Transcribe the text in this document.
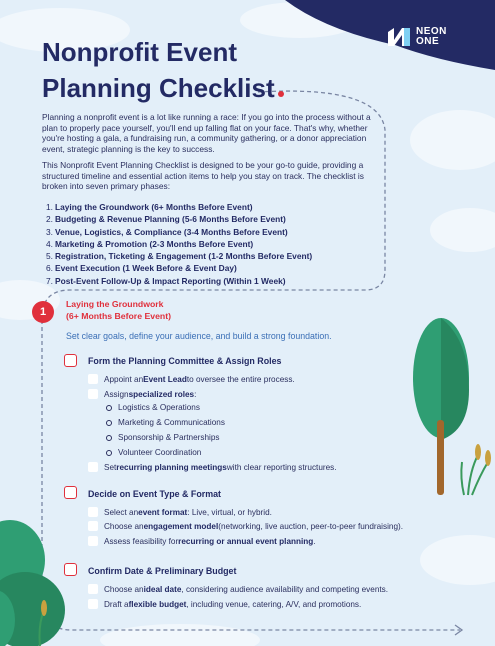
NEON
ONE
Nonprofit Event
Planning Checklist

Planning a nonprofit event is a lot like running a race: If you go into the process without a plan to properly pace yourself, you'll end up falling flat on your face. That's why, whether you're hosting a gala, a fundraising run, a community gathering, or a donor appreciation event, strategic planning is the key to success.

This Nonprofit Event Planning Checklist is designed to be your go-to guide, providing a structured timeline and essential action items to help you stay on track. The checklist is broken into seven primary phases:

1. Laying the Groundwork (6+ Months Before Event)
2. Budgeting & Revenue Planning (5-6 Months Before Event)
3. Venue, Logistics, & Compliance (3-4 Months Before Event)
4. Marketing & Promotion (2-3 Months Before Event)
5. Registration, Ticketing & Engagement (1-2 Months Before Event)
6. Event Execution (1 Week Before & Event Day)
7. Post-Event Follow-Up & Impact Reporting (Within 1 Week)
1
Laying the Groundwork
(6+ Months Before Event)
Set clear goals, define your audience, and build a strong foundation.
Form the Planning Committee & Assign Roles
Appoint an Event Lead to oversee the entire process.
Assign specialized roles :
Logistics & Operations
Marketing & Communications
Sponsorship & Partnerships
Volunteer Coordination
Set recurring planning meetings with clear reporting structures.
Decide on Event Type & Format
Select an event format : Live, virtual, or hybrid.
Choose an engagement model (networking, live auction, peer-to-peer fundraising).
Assess feasibility for recurring or annual event planning .
Confirm Date & Preliminary Budget
Choose an ideal date , considering audience availability and competing events.
Draft a flexible budget , including venue, catering, A/V, and promotions.
